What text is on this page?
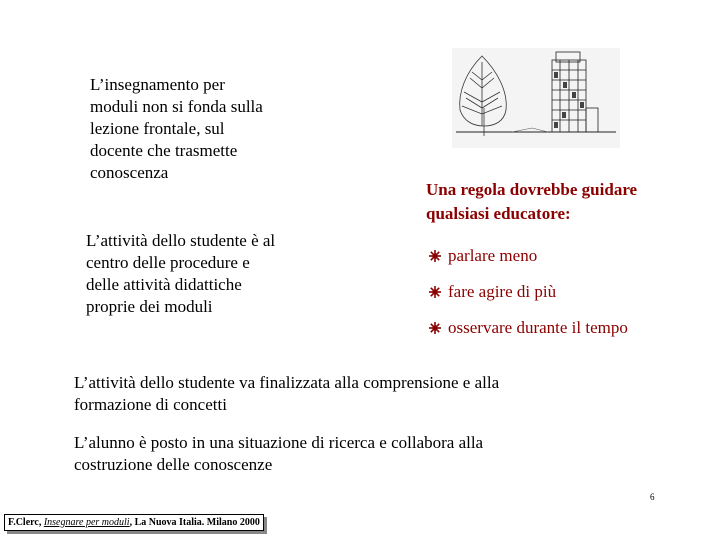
L’insegnamento per
moduli non si fonda sulla
lezione frontale, sul
docente che trasmette
conoscenza
L’attività dello studente è al
centro delle procedure e
delle attività didattiche
proprie dei moduli
Una regola dovrebbe guidare
qualsiasi educatore:
parlare meno
fare agire di più
osservare durante il tempo
L’attività dello studente va finalizzata alla comprensione e alla
formazione di concetti
L’alunno è posto in una situazione di ricerca e collabora alla
costruzione delle conoscenze
6
F.Clerc, Insegnare per moduli, La Nuova Italia. Milano 2000
